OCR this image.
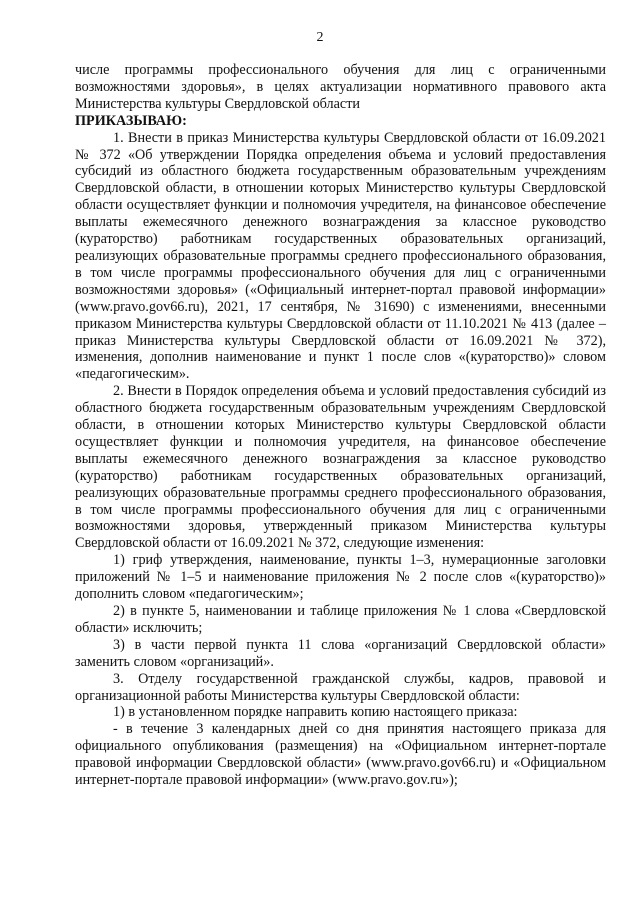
2

числе программы профессионального обучения для лиц с ограниченными возможностями здоровья», в целях актуализации нормативного правового акта Министерства культуры Свердловской области

ПРИКАЗЫВАЮ:

1. Внести в приказ Министерства культуры Свердловской области от 16.09.2021 № 372 «Об утверждении Порядка определения объема и условий предоставления субсидий из областного бюджета государственным образовательным учреждениям Свердловской области, в отношении которых Министерство культуры Свердловской области осуществляет функции и полномочия учредителя, на финансовое обеспечение выплаты ежемесячного денежного вознаграждения за классное руководство (кураторство) работникам государственных образовательных организаций, реализующих образовательные программы среднего профессионального образования, в том числе программы профессионального обучения для лиц с ограниченными возможностями здоровья» («Официальный интернет-портал правовой информации» (www.pravo.gov66.ru), 2021, 17 сентября, № 31690) с изменениями, внесенными приказом Министерства культуры Свердловской области от 11.10.2021 № 413 (далее – приказ Министерства культуры Свердловской области от 16.09.2021 № 372), изменения, дополнив наименование и пункт 1 после слов «(кураторство)» словом «педагогическим».

2. Внести в Порядок определения объема и условий предоставления субсидий из областного бюджета государственным образовательным учреждениям Свердловской области, в отношении которых Министерство культуры Свердловской области осуществляет функции и полномочия учредителя, на финансовое обеспечение выплаты ежемесячного денежного вознаграждения за классное руководство (кураторство) работникам государственных образовательных организаций, реализующих образовательные программы среднего профессионального образования, в том числе программы профессионального обучения для лиц с ограниченными возможностями здоровья, утвержденный приказом Министерства культуры Свердловской области от 16.09.2021 № 372, следующие изменения:

1) гриф утверждения, наименование, пункты 1–3, нумерационные заголовки приложений № 1–5 и наименование приложения № 2 после слов «(кураторство)» дополнить словом «педагогическим»;

2) в пункте 5, наименовании и таблице приложения № 1 слова «Свердловской области» исключить;

3) в части первой пункта 11 слова «организаций Свердловской области» заменить словом «организаций».

3. Отделу государственной гражданской службы, кадров, правовой и организационной работы Министерства культуры Свердловской области:

1) в установленном порядке направить копию настоящего приказа:

- в течение 3 календарных дней со дня принятия настоящего приказа для официального опубликования (размещения) на «Официальном интернет-портале правовой информации Свердловской области» (www.pravo.gov66.ru) и «Официальном интернет-портале правовой информации» (www.pravo.gov.ru»);
